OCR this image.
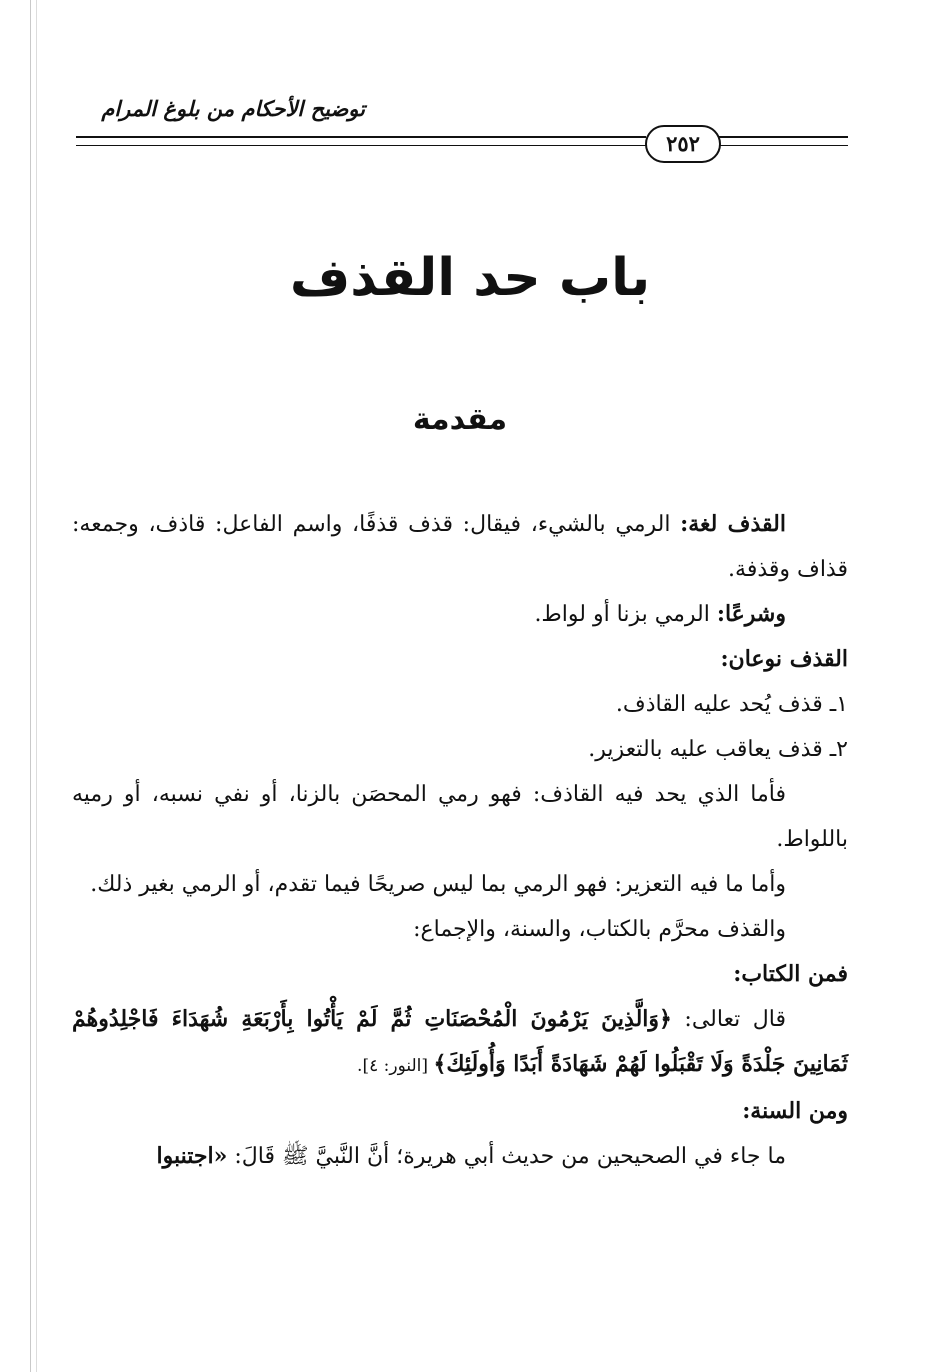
توضيح الأحكام من بلوغ المرام
٢٥٢
باب حد القذف
مقدمة

القذف لغة: الرمي بالشيء، فيقال: قذف قذفًا، واسم الفاعل: قاذف، وجمعه: قذاف وقذفة.

وشرعًا: الرمي بزنا أو لواط.

القذف نوعان:

١ـ قذف يُحد عليه القاذف.

٢ـ قذف يعاقب عليه بالتعزير.

فأما الذي يحد فيه القاذف: فهو رمي المحصَن بالزنا، أو نفي نسبه، أو رميه باللواط.

وأما ما فيه التعزير: فهو الرمي بما ليس صريحًا فيما تقدم، أو الرمي بغير ذلك.

والقذف محرَّم بالكتاب، والسنة، والإجماع:

فمن الكتاب:

قال تعالى: ﴿وَالَّذِينَ يَرْمُونَ الْمُحْصَنَاتِ ثُمَّ لَمْ يَأْتُوا بِأَرْبَعَةِ شُهَدَاءَ فَاجْلِدُوهُمْ ثَمَانِينَ جَلْدَةً وَلَا تَقْبَلُوا لَهُمْ شَهَادَةً أَبَدًا وَأُولَئِكَ﴾ [النور: ٤].

ومن السنة:

ما جاء في الصحيحين من حديث أبي هريرة؛ أنَّ النَّبيَّ ﷺ قَالَ: «اجتنبوا
